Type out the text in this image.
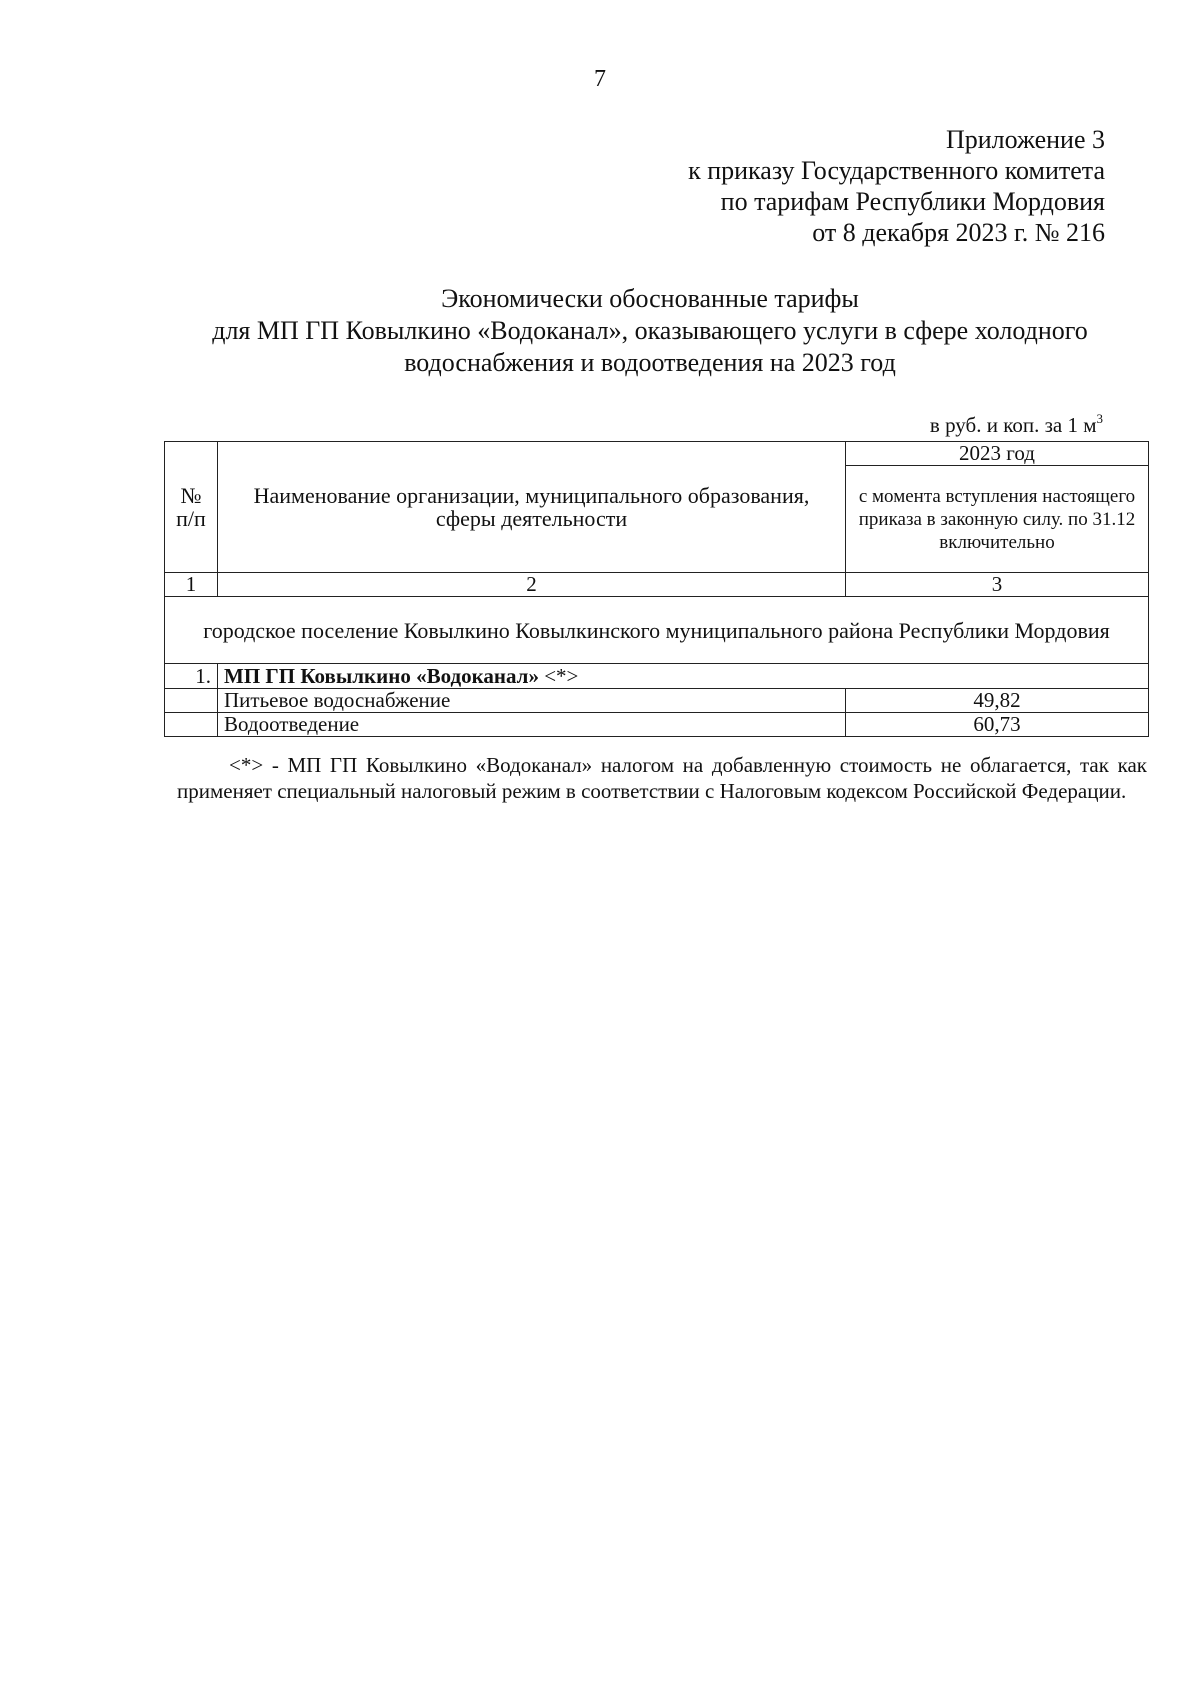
7
Приложение 3
к приказу Государственного комитета
по тарифам Республики Мордовия
от 8 декабря 2023 г. № 216
Экономически обоснованные тарифы
для МП ГП Ковылкино «Водоканал», оказывающего услуги в сфере холодного
водоснабжения и водоотведения на 2023 год
в руб. и коп. за 1 $м^3$
№ п/п	Наименование организации, муниципального образования, сферы деятельности	2023 год
		с момента вступления настоящего приказа в законную силу. по 31.12 включительно
1	2	3
городское поселение Ковылкино Ковылкинского муниципального района Республики Мордовия		
1.	МП ГП Ковылкино «Водоканал» <*>	
	Питьевое водоснабжение	49,82
	Водоотведение	60,73
<*> - МП ГП Ковылкино «Водоканал» налогом на добавленную стоимость не облагается, так как применяет специальный налоговый режим в соответствии с Налоговым кодексом Российской Федерации.
